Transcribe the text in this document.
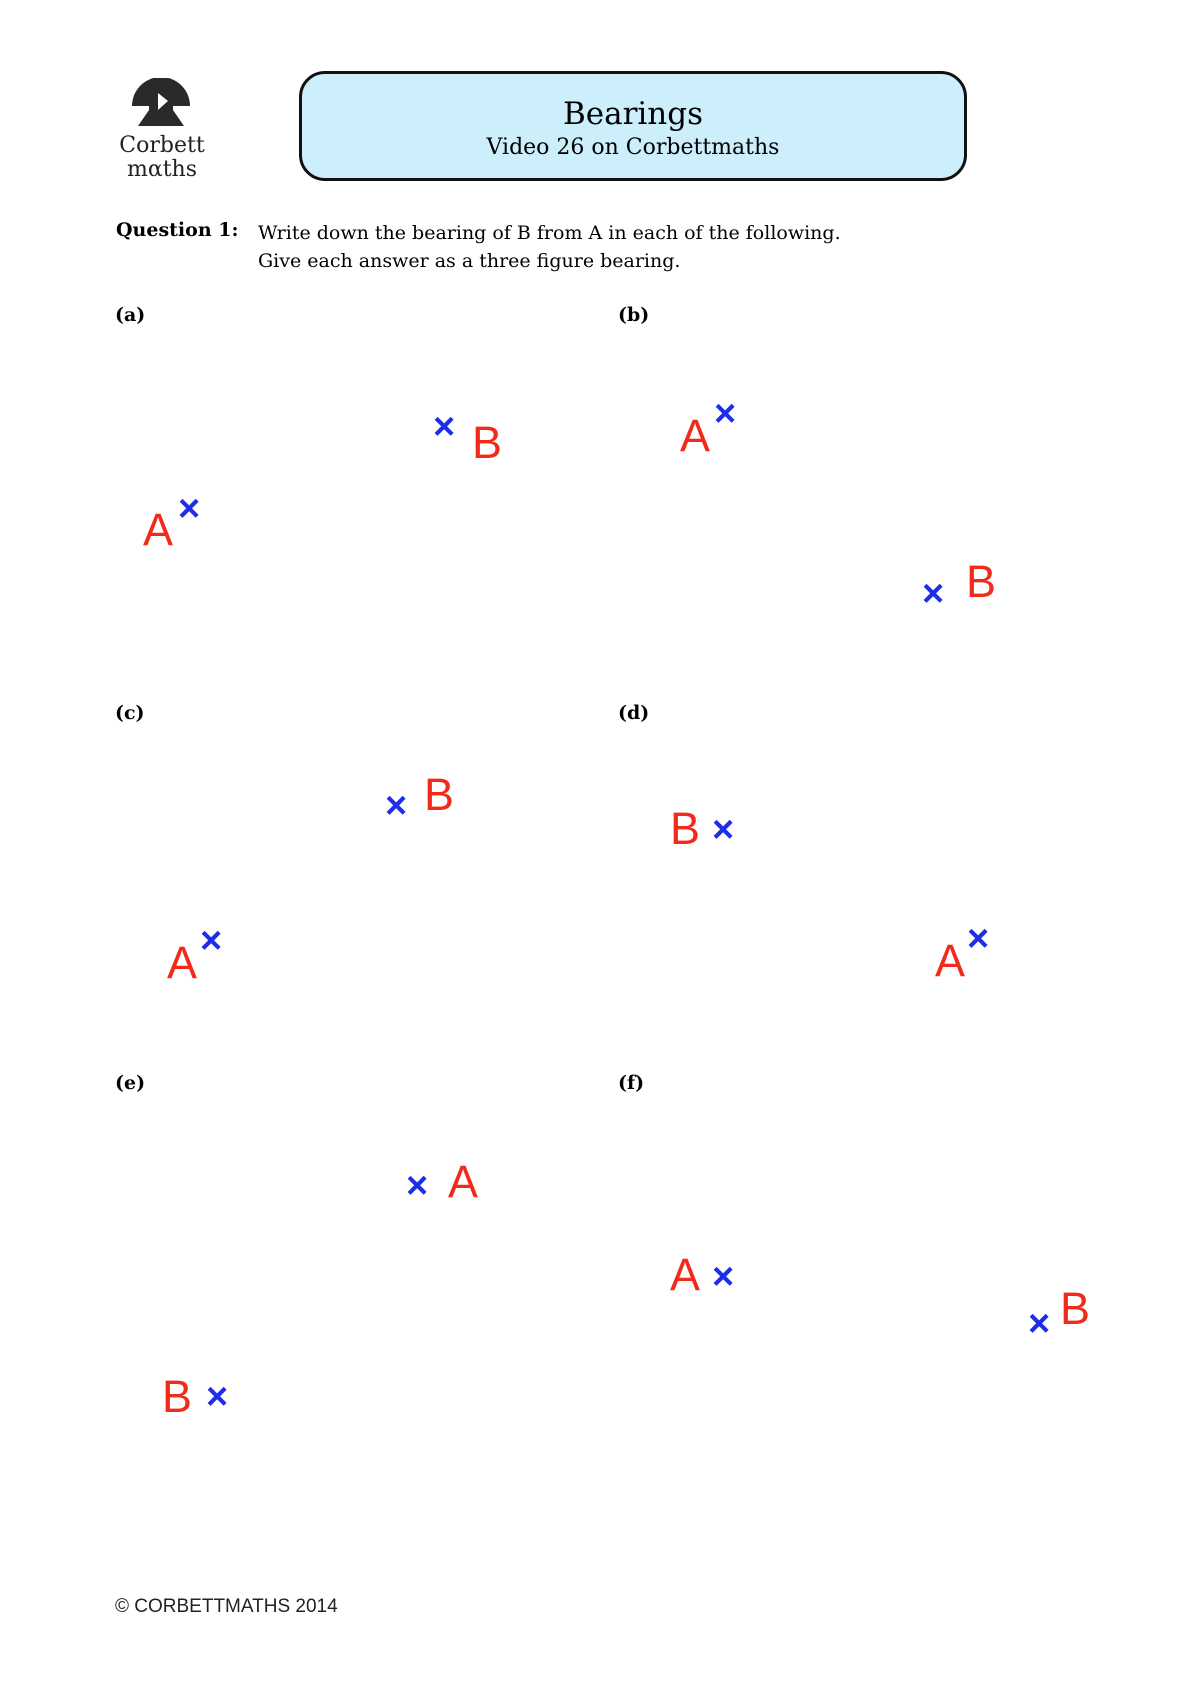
Corbett
mαths
Bearings
Video 26 on Corbettmaths
Question 1: Write down the bearing of B from A in each of the following.
Give each answer as a three figure bearing.
(a)
A ×
× B
(b)
A ×
× B
(c)
× B
A ×
(d)
B ×
A ×
(e)
× A
B ×
(f)
A ×
× B
© CORBETTMATHS 2014
